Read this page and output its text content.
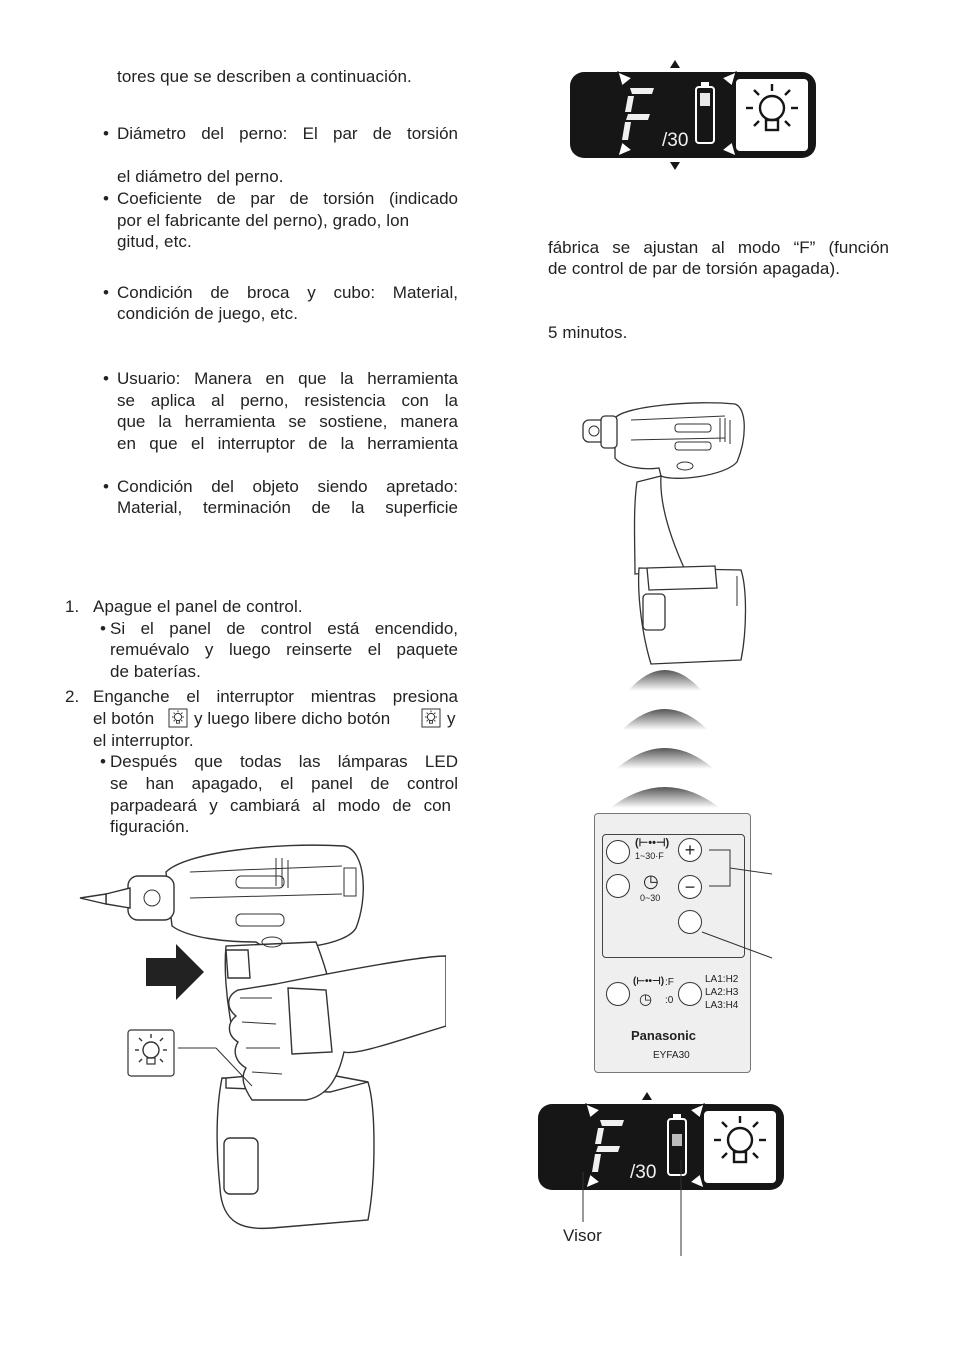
tores que se describen a continuación.
• Diámetro del perno: El par de torsión
el diámetro del perno.
• Coeficiente de par de torsión (indicado
por el fabricante del perno), grado, lon
gitud, etc.
• Condición de broca y cubo: Material,
condición de juego, etc.
• Usuario: Manera en que la herramienta
se aplica al perno, resistencia con la
que la herramienta se sostiene, manera
en que el interruptor de la herramienta
• Condición del objeto siendo apretado:
Material, terminación de la superficie
1. Apague el panel de control.
• Si el panel de control está encendido,
remuévalo y luego reinserte el paquete
de baterías.
2. Enganche el interruptor mientras presiona
el botón y luego libere dicho botón	y
el interruptor.
• Después que todas las lámparas LED
se han apagado, el panel de control
parpadeará y cambiará al modo de con
figuración.
fábrica se ajustan al modo “F” (función
de control de par de torsión apagada).
5 minutos.
/30
+
−
(⊢••⊣)
1~30·F
◷
0~30
(⊢••⊣) :F
◷ :0
LA1:H2
LA2:H3
LA3:H4
Panasonic
EYFA30
/30
Visor
